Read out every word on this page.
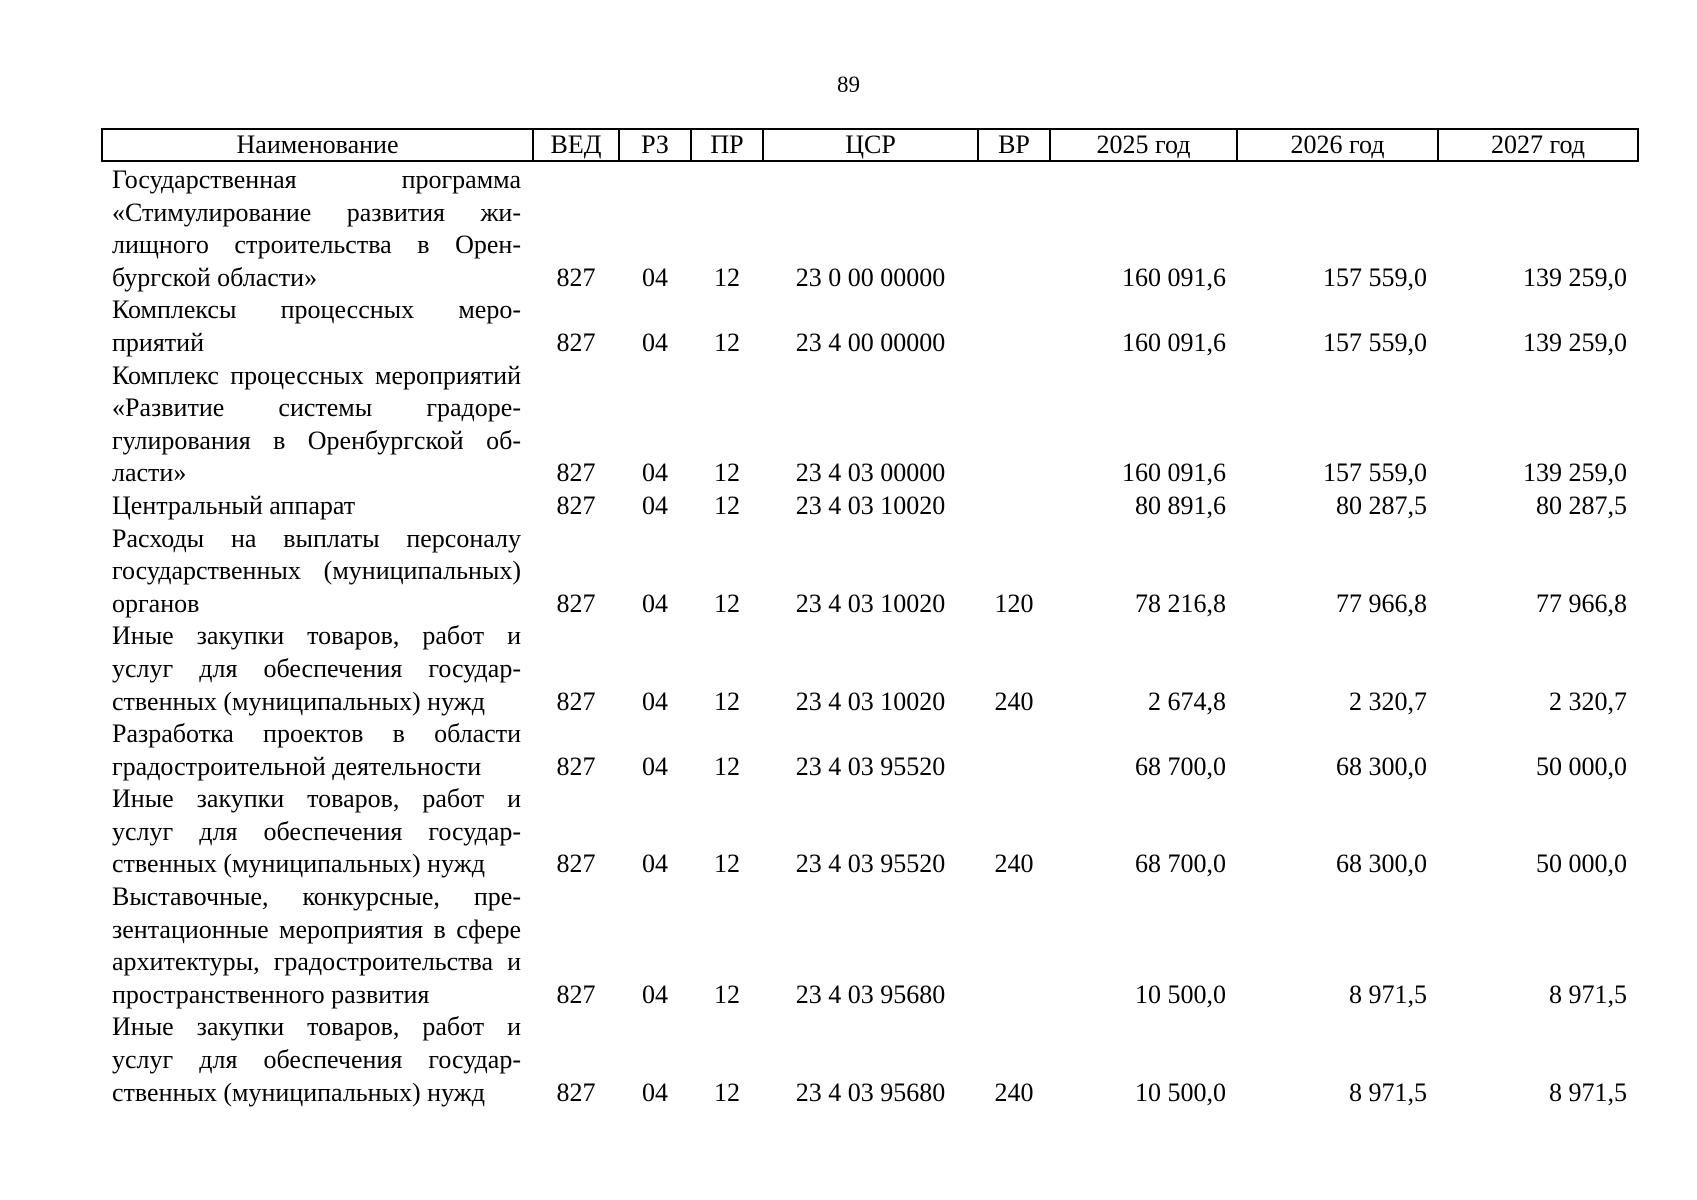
89
Наименование	ВЕД	РЗ	ПР	ЦСР	ВР	2025 год	2026 год	2027 год
Государственная программа «Стимулирование развития жилищного строительства в Оренбургской области»	827	04	12	23 0 00 00000		160 091,6	157 559,0	139 259,0
Комплексы процессных мероприятий	827	04	12	23 4 00 00000		160 091,6	157 559,0	139 259,0
Комплекс процессных мероприятий «Развитие системы градорегулирования в Оренбургской области»	827	04	12	23 4 03 00000		160 091,6	157 559,0	139 259,0
Центральный аппарат	827	04	12	23 4 03 10020		80 891,6	80 287,5	80 287,5
Расходы на выплаты персоналу государственных (муниципальных) органов	827	04	12	23 4 03 10020	120	78 216,8	77 966,8	77 966,8
Иные закупки товаров, работ и услуг для обеспечения государственных (муниципальных) нужд	827	04	12	23 4 03 10020	240	2 674,8	2 320,7	2 320,7
Разработка проектов в области градостроительной деятельности	827	04	12	23 4 03 95520		68 700,0	68 300,0	50 000,0
Иные закупки товаров, работ и услуг для обеспечения государственных (муниципальных) нужд	827	04	12	23 4 03 95520	240	68 700,0	68 300,0	50 000,0
Выставочные, конкурсные, презентационные мероприятия в сфере архитектуры, градостроительства и пространственного развития	827	04	12	23 4 03 95680		10 500,0	8 971,5	8 971,5
Иные закупки товаров, работ и услуг для обеспечения государственных (муниципальных) нужд	827	04	12	23 4 03 95680	240	10 500,0	8 971,5	8 971,5
